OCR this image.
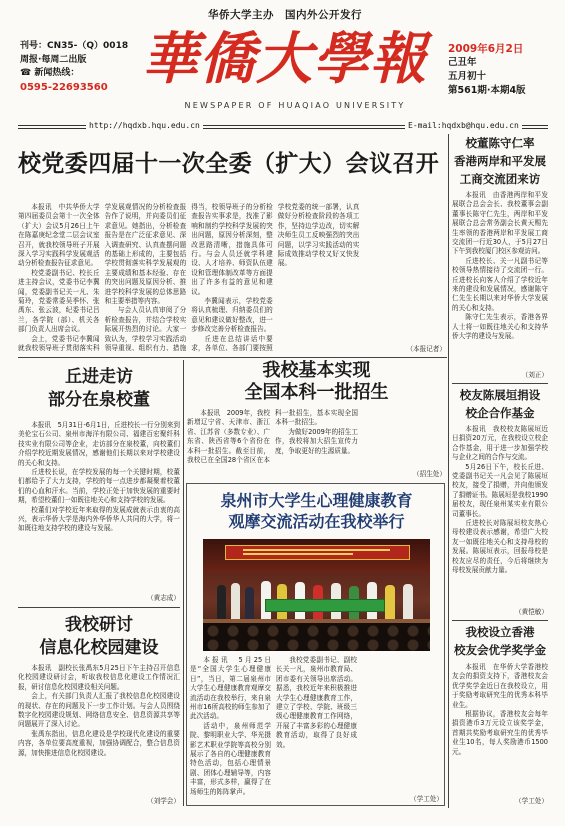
华侨大学主办　国内外公开发行
刊号：CN35-（Q）0018
周报·每周二出版
☎ 新闻热线：
0595-22693560 華僑大學報
NEWSPAPER OF HUAQIAO UNIVERSITY
2009年6月2日
己丑年
五月初十
第561期·本期4版
http://hqdxb.hqu.edu.cn	E-mail:hqdxb@hqu.edu.cn
校党委四届十一次全委（扩大）会议召开

本报讯　中共华侨大学第四届委员会第十一次全体（扩大）会议5月26日上午在陈嘉庚纪念堂二层会议室召开，就我校领导班子开展深入学习实践科学发展观活动分析检查报告征求意见。

校党委副书记、校长丘进主持会议，党委书记李冀闻，党委副书记关一凡、朱菊玲，党委常委吴季怀、张禹东、张云波，纪委书记吕兰，各学院（部）、机关各部门负责人出席会议。

会上，党委书记李冀闻就我校领导班子贯彻落实科学发展观情况的分析检查报告作了说明，并向委员们征求意见。她指出，分析检查报告是在广泛征求意见、深入调查研究、认真查摆问题的基础上形成的，主要包括学校贯彻落实科学发展观的主要成绩和基本经验、存在的突出问题及原因分析、推进学校科学发展的总体思路和主要举措等内容。

与会人员认真审阅了分析检查报告，并结合学校实际展开热烈的讨论。大家一致认为，学校学习实践活动领导重视、组织有力、措施得当，校领导班子的分析检查报告实事求是，找准了影响和制约学校科学发展的突出问题，原因分析深刻，整改思路清晰，措施具体可行。与会人员还就学科建设、人才培养、师资队伍建设和管理体制改革等方面提出了许多有益的意见和建议。

李冀闻表示，学校党委将认真梳理、归纳委员们的意见和建议做好整改，进一步修改完善分析检查报告。

丘进在总结讲话中要求，各单位、各部门要按照学校党委的统一部署，认真做好分析检查阶段的各项工作，坚持边学边改，切实解决师生员工反映强烈的突出问题，以学习实践活动的实际成效推动学校又好又快发展。

（本报记者）
校董陈守仁率
香港两岸和平发展
工商交流团来访

本报讯　由香港两岸和平发展联合总会会长、我校董事会副董事长陈守仁先生，两岸和平发展联合总会常务副会长黄天赐先生率领的香港两岸和平发展工商交流团一行近30人，于5月27日下午到我校厦门校区参观访问。

丘进校长、关一凡副书记等校领导热情接待了交流团一行。丘进校长向客人介绍了学校近年来的建设和发展情况，感谢陈守仁先生长期以来对华侨大学发展的关心和支持。

陈守仁先生表示，香港各界人士将一如既往地关心和支持华侨大学的建设与发展。

（刘正）
校友陈展垣捐设
校企合作基金

本报讯　我校校友陈展垣近日捐资20万元，在我校设立校企合作基金，用于进一步加强学校与企业之间的合作与交流。

5月26日下午，校长丘进、党委副书记关一凡会见了陈展垣校友，接受了捐赠，并向他颁发了捐赠证书。陈展垣是我校1990届校友，现任泉州某实业有限公司董事长。

丘进校长对陈展垣校友热心母校建设表示感谢，希望广大校友一如既往地关心和支持母校的发展。陈展垣表示，回报母校是校友应尽的责任，今后将继续为母校发展贡献力量。

（黄恺敏）
我校设立香港
校友会优学奖学金

本报讯　在华侨大学香港校友会的捐资支持下，香港校友会优学奖学金近日在我校设立，用于奖励考取研究生的优秀本科毕业生。

根据协议，香港校友会每年捐资港币3万元设立该奖学金，首期共奖励考取研究生的优秀毕业生10名，每人奖励港币1500元。

（学工处）
丘进走访
部分在泉校董

本报讯　5月31日-6月1日，丘进校长一行分别来到美伦宝石公司、泉州市海洋有限公司、福建百宏聚纤科技实业有限公司等企业，走访部分在泉校董，向校董们介绍学校近期发展情况，感谢他们长期以来对学校建设的关心和支持。

丘进校长说，在学校发展的每一个关键时期，校董们都给予了大力支持，学校的每一点进步都凝聚着校董们的心血和汗水。当前，学校正处于加快发展的重要时期，希望校董们一如既往地关心和支持学校的发展。

校董们对学校近年来取得的发展成就表示由衷的高兴，表示华侨大学是海内外华侨华人共同的大学，将一如既往地支持学校的建设与发展。

（黄志成）
我校研讨
信息化校园建设

本报讯　副校长张禹东5月25日下午主持召开信息化校园建设研讨会，听取我校信息化建设工作情况汇报，研讨信息化校园建设相关问题。

会上，有关部门负责人汇报了我校信息化校园建设的现状、存在的问题及下一步工作计划。与会人员围绕数字化校园建设规划、网络信息安全、信息资源共享等问题展开了深入讨论。

张禹东指出，信息化建设是学校现代化建设的重要内容，各单位要高度重视，加强协调配合，整合信息资源，加快推进信息化校园建设。

（刘学会）
我校基本实现
全国本科一批招生

本报讯　2009年，我校新增辽宁省、天津市、浙江省、江苏省（多数专业）、广东省、陕西省等6个省份在本科一批招生。截至目前，我校已在全国28个省区在本科一批招生，基本实现全国本科一批招生。

为做好2009年的招生工作，我校将加大招生宣传力度，争取更好的生源质量。

（招生处）
泉州市大学生心理健康教育
观摩交流活动在我校举行

本报讯　5月25日是“全国大学生心理健康日”，当日，第二届泉州市大学生心理健康教育观摩交流活动在我校举行，来自泉州市16所高校的师生参加了此次活动。

活动中，泉州师范学院、黎明职业大学、华光摄影艺术职业学院等高校分别展示了各自的心理健康教育特色活动，包括心理情景剧、团体心理辅导等，内容丰富，形式多样，赢得了在场师生的阵阵掌声。

我校党委副书记、副校长关一凡，泉州市教育局、团市委有关领导出席活动。据悉，我校近年来积极推进大学生心理健康教育工作，建立了学校、学院、班级三级心理健康教育工作网络，开展了丰富多彩的心理健康教育活动，取得了良好成效。

（学工处）
